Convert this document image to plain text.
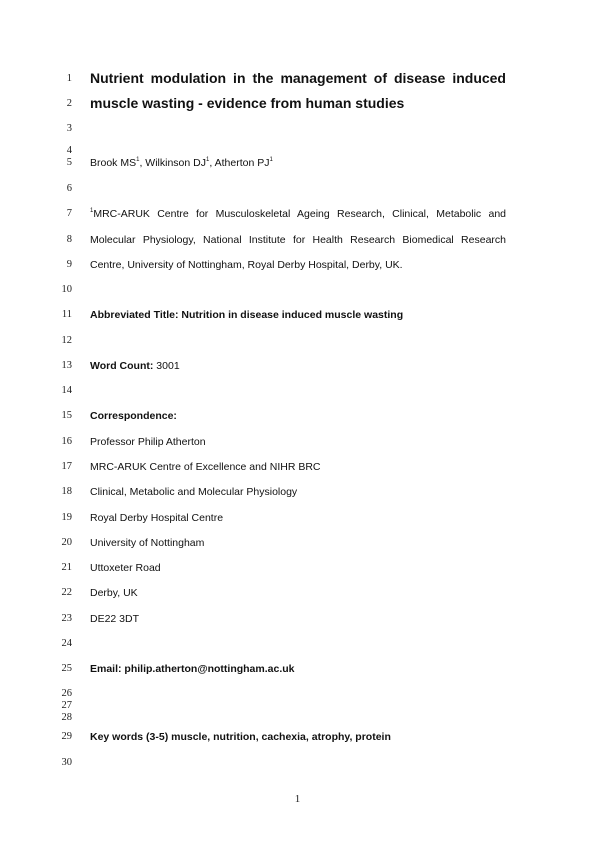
1
2
3
4
5
6
7
8
9
10
11
12
13
14
15
16
17
18
19
20
21
22
23
24
25
26
27
28
29
30
Nutrient modulation in the management of disease induced
muscle wasting - evidence from human studies
Brook $MS^1$, Wilkinson $DJ^1$, Atherton $PJ^1$
$^1$MRC-ARUK Centre for Musculoskeletal Ageing Research, Clinical, Metabolic and
Molecular Physiology, National Institute for Health Research Biomedical Research
Centre, University of Nottingham, Royal Derby Hospital, Derby, UK.
Abbreviated Title: Nutrition in disease induced muscle wasting
Word Count: 3001
Correspondence:
Professor Philip Atherton
MRC-ARUK Centre of Excellence and NIHR BRC
Clinical, Metabolic and Molecular Physiology
Royal Derby Hospital Centre
University of Nottingham
Uttoxeter Road
Derby, UK
DE22 3DT
Email: philip.atherton@nottingham.ac.uk
Key words (3-5) muscle, nutrition, cachexia, atrophy, protein
1
